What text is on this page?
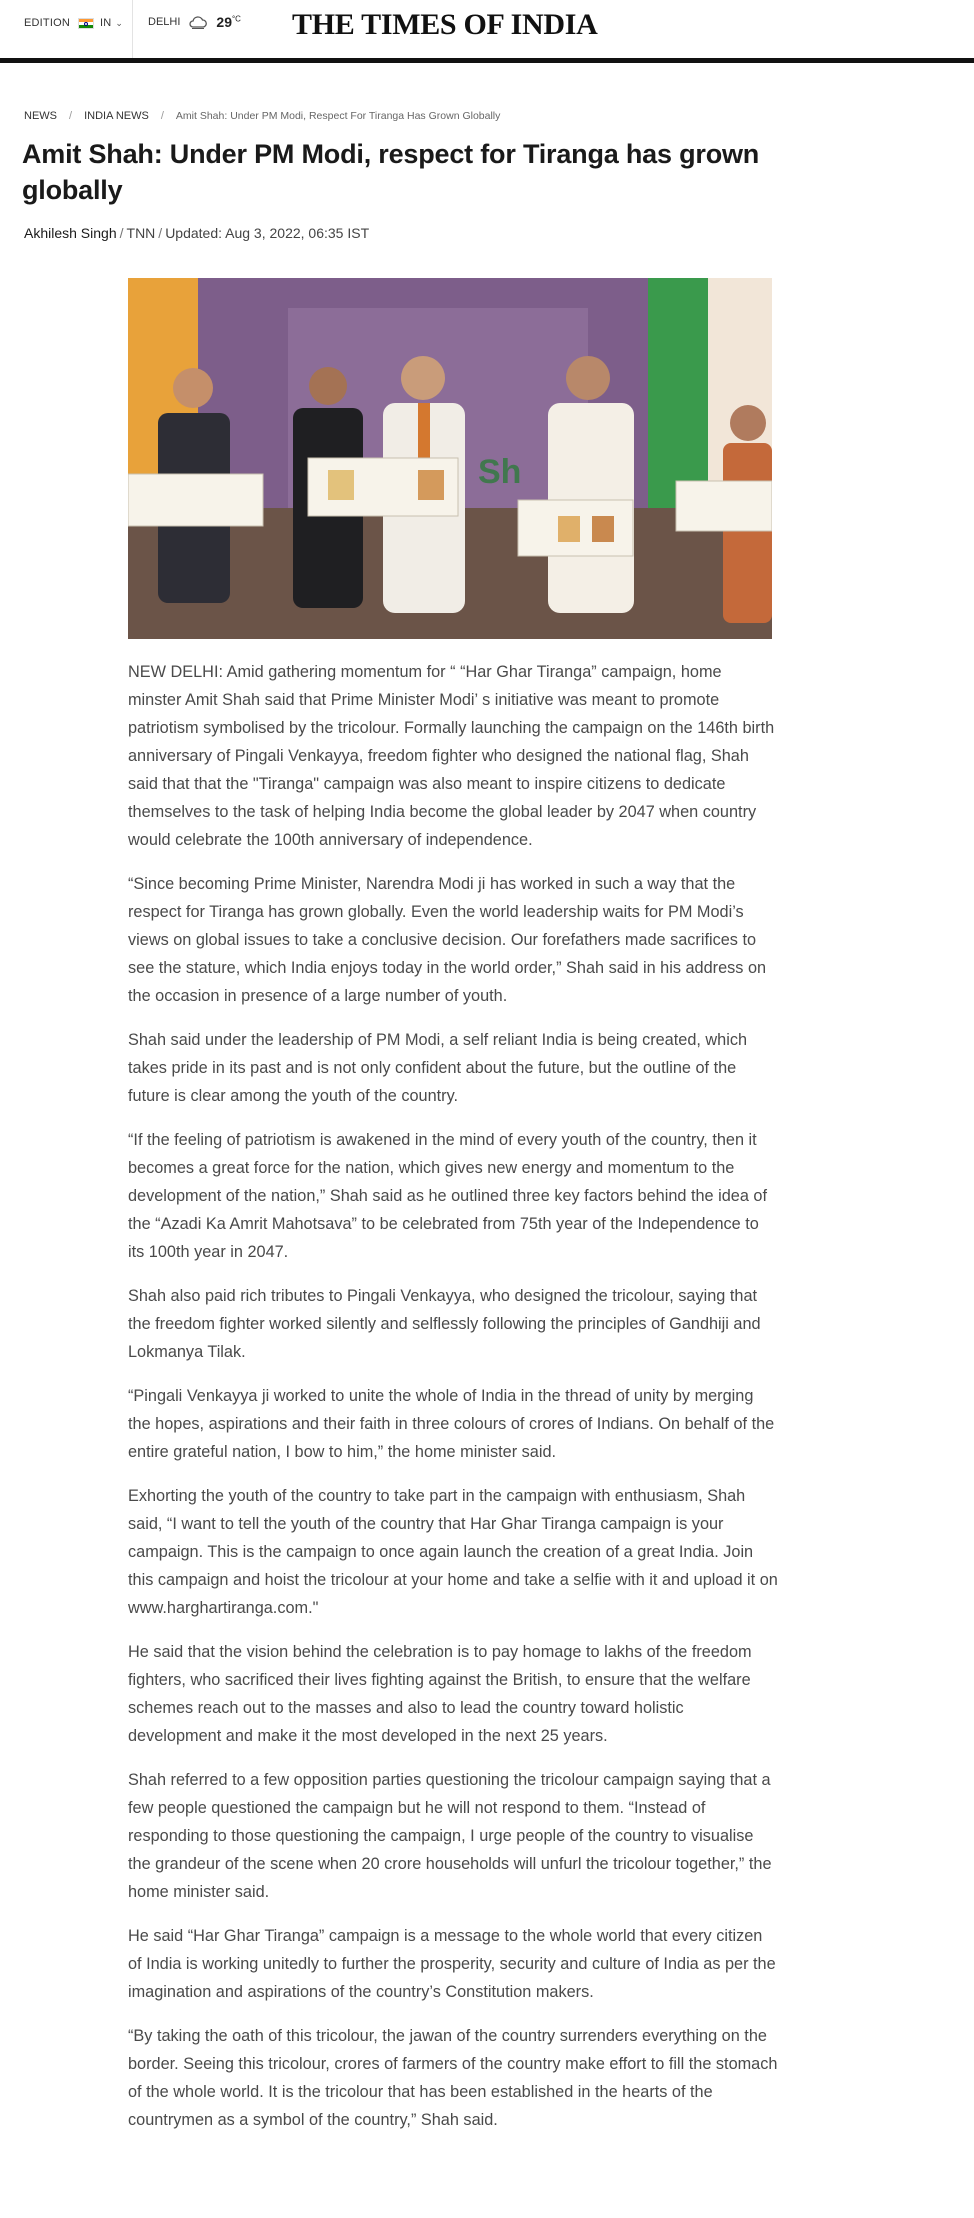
EDITION	IN ⌄ DELHI	$29^{^\circ C}$ THE TIMES OF INDIA
NEWS / INDIA NEWS / Amit Shah: Under PM Modi, Respect For Tiranga Has Grown Globally
Amit Shah: Under PM Modi, respect for Tiranga has grown globally
Akhilesh Singh / TNN / Updated: Aug 3, 2022, 06:35 IST
Sh

NEW DELHI: Amid gathering momentum for “ “Har Ghar Tiranga” campaign, home minster Amit Shah said that Prime Minister Modi’ s initiative was meant to promote patriotism symbolised by the tricolour. Formally launching the campaign on the 146th birth anniversary of Pingali Venkayya, freedom fighter who designed the national flag, Shah said that that the "Tiranga" campaign was also meant to inspire citizens to dedicate themselves to the task of helping India become the global leader by 2047 when country would celebrate the 100th anniversary of independence.

“Since becoming Prime Minister, Narendra Modi ji has worked in such a way that the respect for Tiranga has grown globally. Even the world leadership waits for PM Modi’s views on global issues to take a conclusive decision. Our forefathers made sacrifices to see the stature, which India enjoys today in the world order,” Shah said in his address on the occasion in presence of a large number of youth.

Shah said under the leadership of PM Modi, a self reliant India is being created, which takes pride in its past and is not only confident about the future, but the outline of the future is clear among the youth of the country.

“If the feeling of patriotism is awakened in the mind of every youth of the country, then it becomes a great force for the nation, which gives new energy and momentum to the development of the nation,” Shah said as he outlined three key factors behind the idea of the “Azadi Ka Amrit Mahotsava” to be celebrated from 75th year of the Independence to its 100th year in 2047.

Shah also paid rich tributes to Pingali Venkayya, who designed the tricolour, saying that the freedom fighter worked silently and selflessly following the principles of Gandhiji and Lokmanya Tilak.

“Pingali Venkayya ji worked to unite the whole of India in the thread of unity by merging the hopes, aspirations and their faith in three colours of crores of Indians. On behalf of the entire grateful nation, I bow to him,” the home minister said.

Exhorting the youth of the country to take part in the campaign with enthusiasm, Shah said, “I want to tell the youth of the country that Har Ghar Tiranga campaign is your campaign. This is the campaign to once again launch the creation of a great India. Join this campaign and hoist the tricolour at your home and take a selfie with it and upload it on www.harghartiranga.com."

He said that the vision behind the celebration is to pay homage to lakhs of the freedom fighters, who sacrificed their lives fighting against the British, to ensure that the welfare schemes reach out to the masses and also to lead the country toward holistic development and make it the most developed in the next 25 years.

Shah referred to a few opposition parties questioning the tricolour campaign saying that a few people questioned the campaign but he will not respond to them. “Instead of responding to those questioning the campaign, I urge people of the country to visualise the grandeur of the scene when 20 crore households will unfurl the tricolour together,” the home minister said.

He said “Har Ghar Tiranga” campaign is a message to the whole world that every citizen of India is working unitedly to further the prosperity, security and culture of India as per the imagination and aspirations of the country’s Constitution makers.

“By taking the oath of this tricolour, the jawan of the country surrenders everything on the border. Seeing this tricolour, crores of farmers of the country make effort to fill the stomach of the whole world. It is the tricolour that has been established in the hearts of the countrymen as a symbol of the country,” Shah said.
